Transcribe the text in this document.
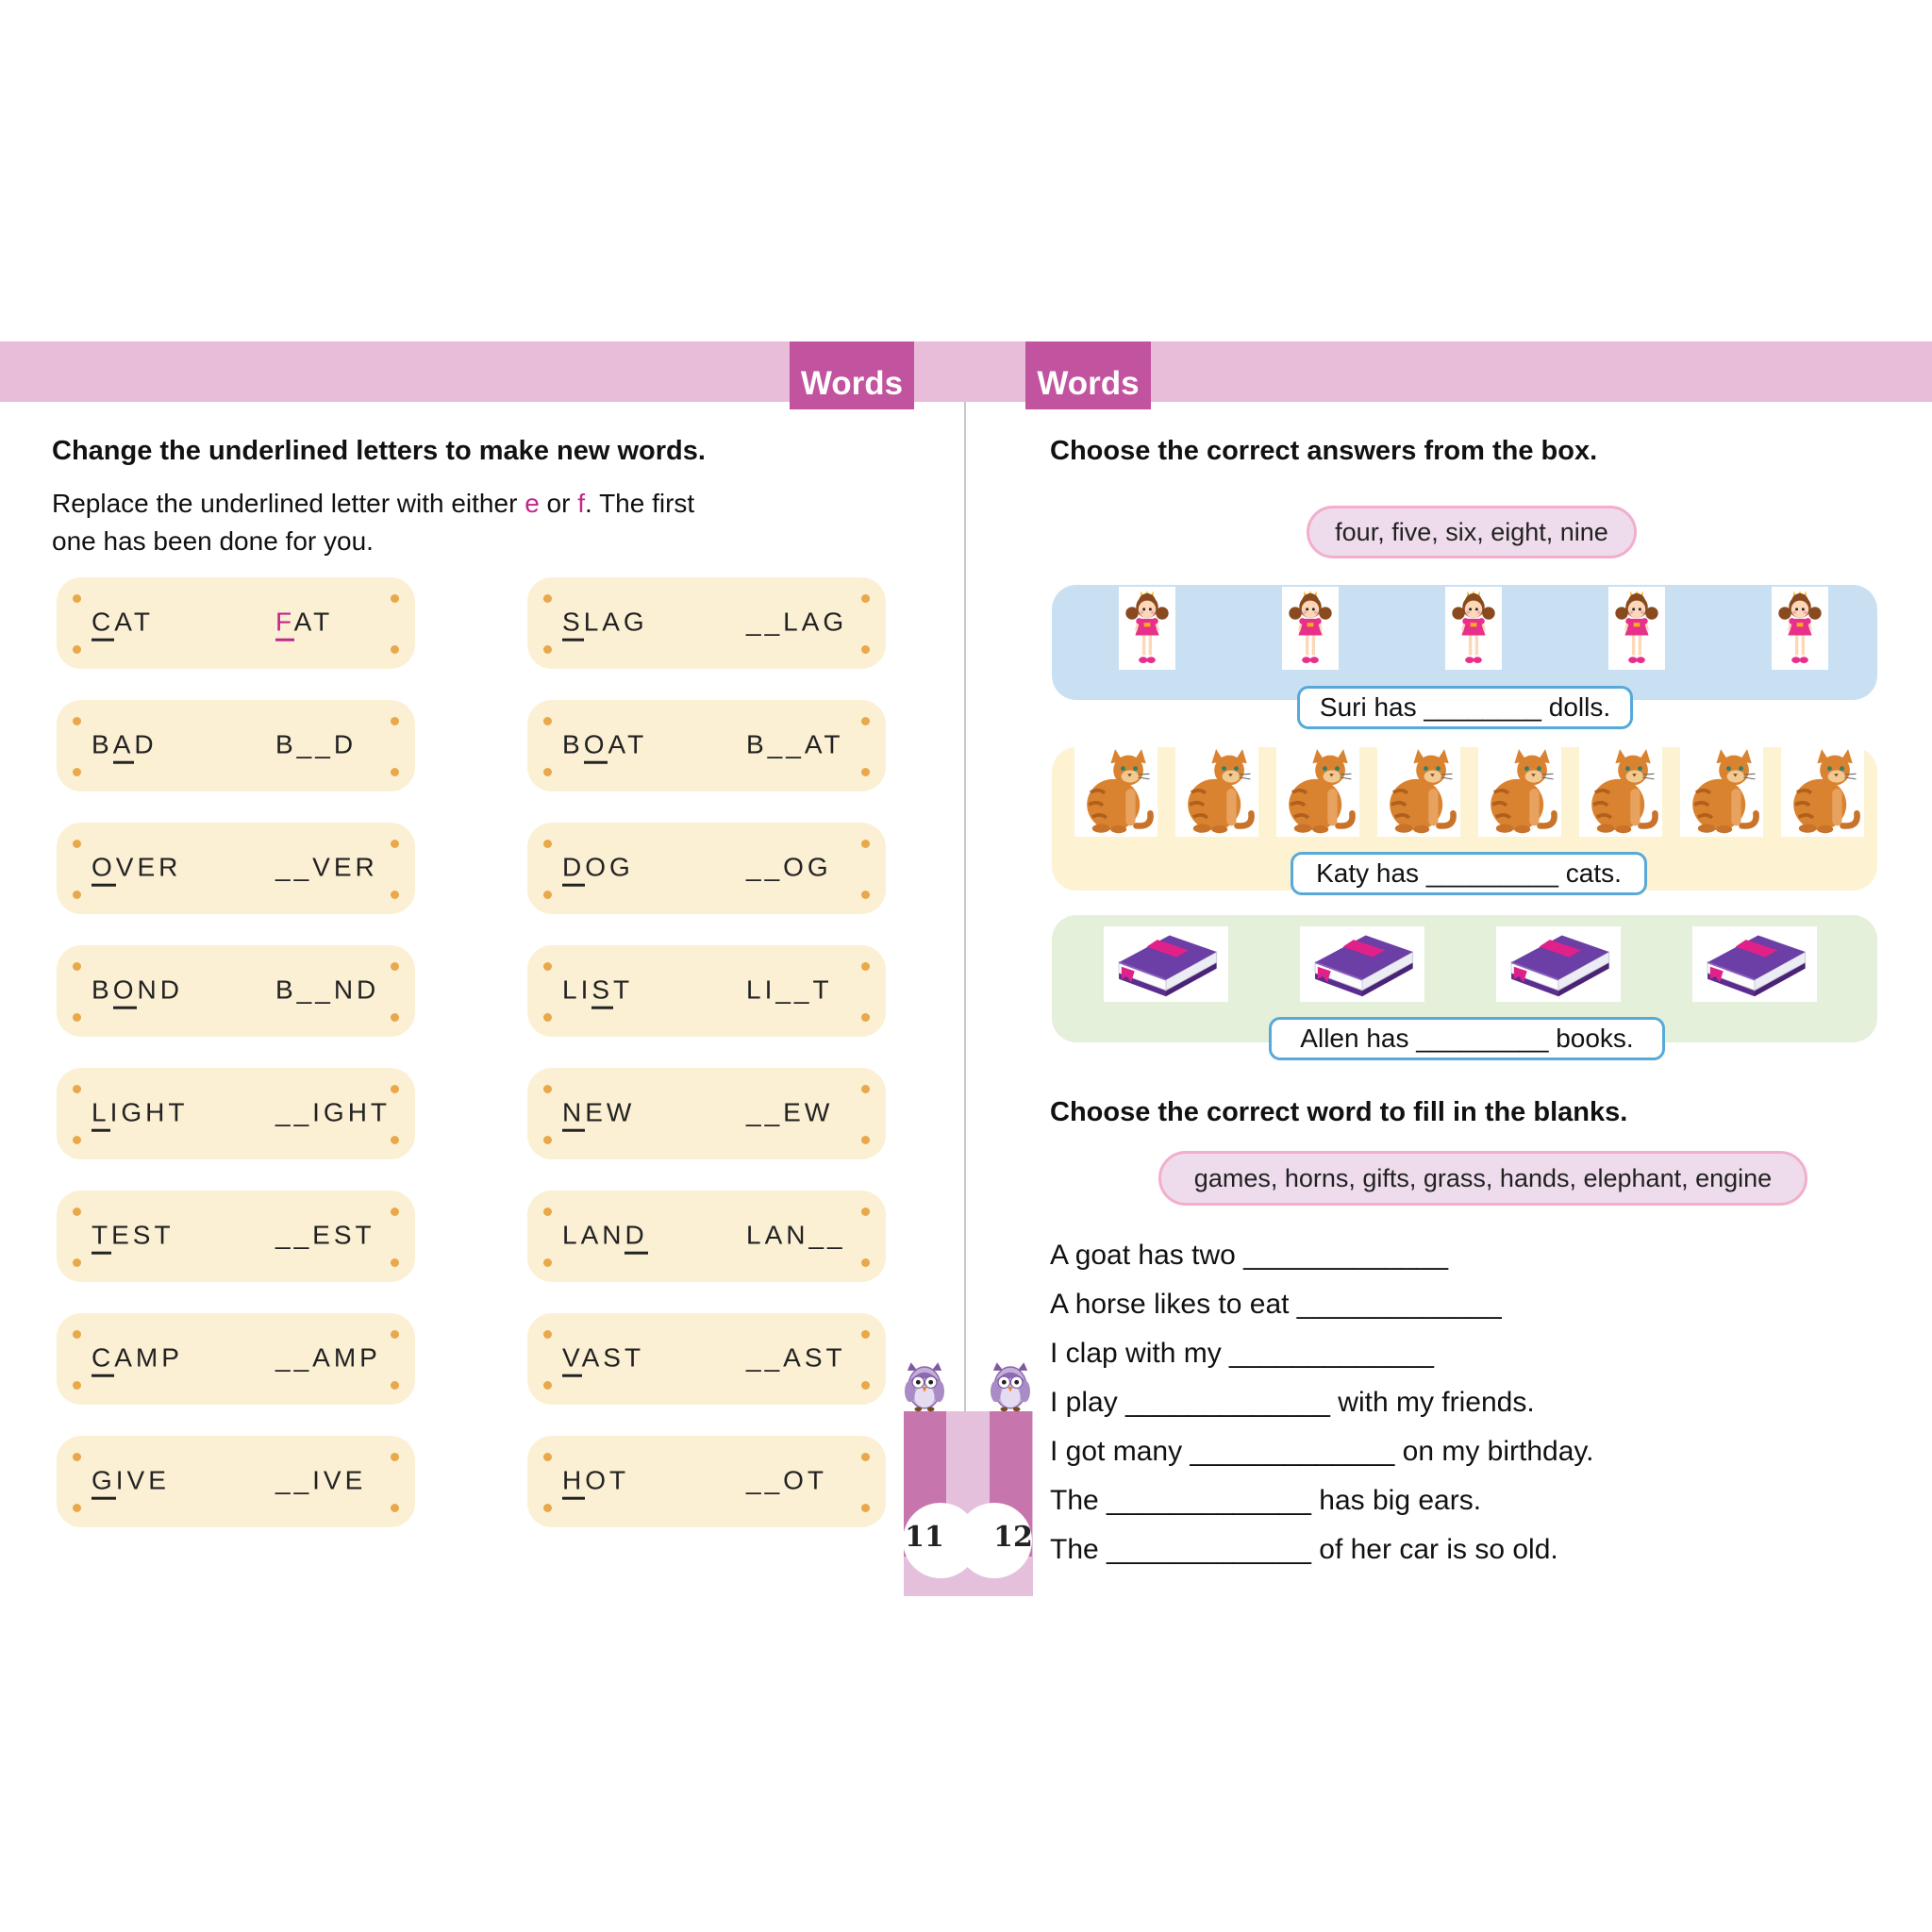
Words	Words
Change the underlined letters to make new words.
Replace the underlined letter with either e or f. The first one has been done for you.
CAT	FAT
BAD	B__D
OVER	__VER
BOND	B__ND
LIGHT	__IGHT
TEST	__EST
CAMP	__AMP
GIVE	__IVE
SLAG	__LAG
BOAT	B__AT
DOG	__OG
LIST	LI__T
NEW	__EW
LAND	LAN__
VAST	__AST
HOT	__OT
Choose the correct answers from the box.
four, five, six, eight, nine
Suri has ________ dolls.
Katy has _________ cats.
Allen has _________ books.
Choose the correct word to fill in the blanks.
games, horns, gifts, grass, hands, elephant, engine
A goat has two _____________
A horse likes to eat _____________
I clap with my _____________
I play _____________ with my friends.
I got many _____________ on my birthday.
The _____________ has big ears.
The _____________ of her car is so old.
11 12
